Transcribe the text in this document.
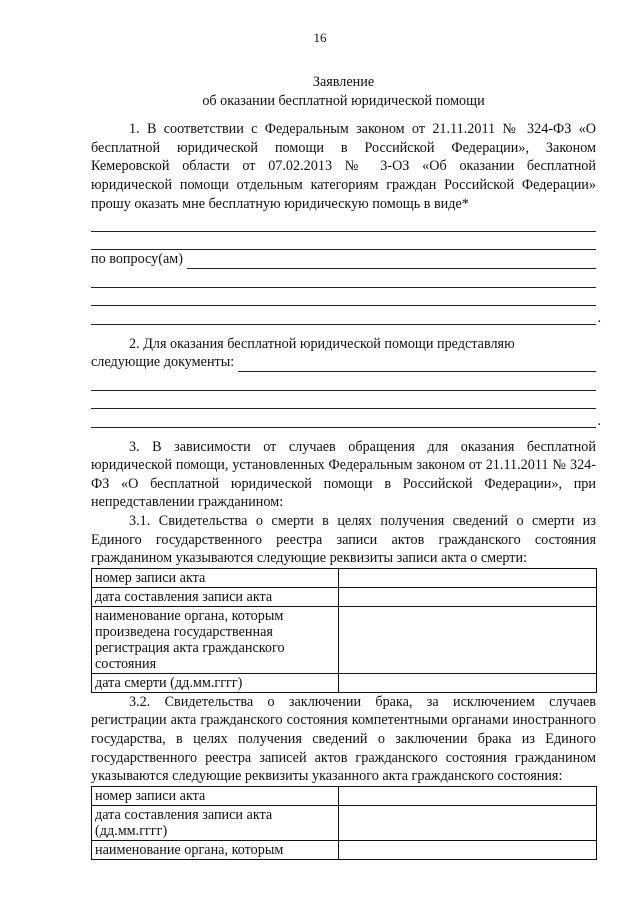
16
Заявление
об оказании бесплатной юридической помощи

1. В соответствии с Федеральным законом от 21.11.2011 № 324-ФЗ «О бесплатной юридической помощи в Российской Федерации», Законом Кемеровской области от 07.02.2013 № 3-ОЗ «Об оказании бесплатной юридической помощи отдельным категориям граждан Российской Федерации» прошу оказать мне бесплатную юридическую помощь в виде*

по вопросу(ам)
.

2. Для оказания бесплатной юридической помощи представляю

следующие документы:
.

3. В зависимости от случаев обращения для оказания бесплатной юридической помощи, установленных Федеральным законом от 21.11.2011 № 324-ФЗ «О бесплатной юридической помощи в Российской Федерации», при непредставлении гражданином:

3.1. Свидетельства о смерти в целях получения сведений о смерти из Единого государственного реестра записи актов гражданского состояния гражданином указываются следующие реквизиты записи акта о смерти:

номер записи акта	
дата составления записи акта	
наименование органа, которым произведена государственная регистрация акта гражданского состояния	
дата смерти (дд.мм.гггг)	

3.2. Свидетельства о заключении брака, за исключением случаев регистрации акта гражданского состояния компетентными органами иностранного государства, в целях получения сведений о заключении брака из Единого государственного реестра записей актов гражданского состояния гражданином указываются следующие реквизиты указанного акта гражданского состояния:

номер записи акта	
дата составления записи акта (дд.мм.гггг)	
наименование органа, которым	
